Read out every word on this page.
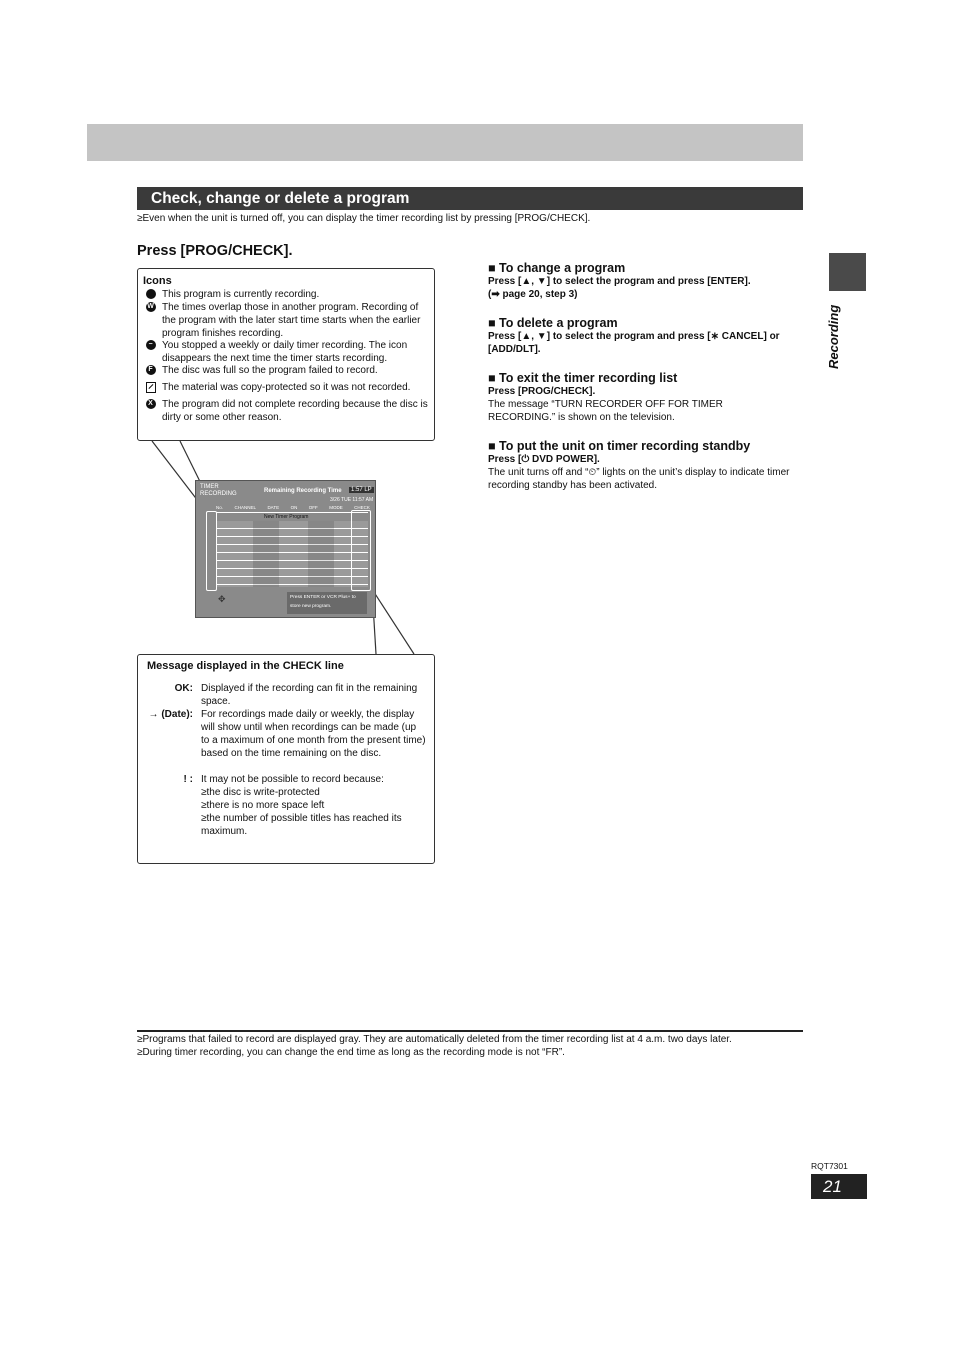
Check, change or delete a program
≥Even when the unit is turned off, you can display the timer recording list by pressing [PROG/CHECK].
Press [PROG/CHECK].
Icons
This program is currently recording.
W The times overlap those in another program. Recording of the program with the later start time starts when the earlier program finishes recording.
− You stopped a weekly or daily timer recording. The icon disappears the next time the timer starts recording.
F The disc was full so the program failed to record.
The material was copy-protected so it was not recorded.
X The program did not complete recording because the disc is dirty or some other reason.
TIMER
RECORDING	Remaining Recording Time	1:57 LP
3/26 TUE 11:57 AM
No.	CHANNEL	DATE	ON	OFF	MODE	CHECK
New Timer Program
✥	Press ENTER or VCR Plus+ to store new program.
Message displayed in the CHECK line
OK: Displayed if the recording can fit in the remaining space.
→ (Date): For recordings made daily or weekly, the display will show until when recordings can be made (up to a maximum of one month from the present time) based on the time remaining on the disc.
! : It may not be possible to record because:
≥the disc is write-protected
≥there is no more space left
≥the number of possible titles has reached its maximum.
■ To change a program
Press [▲, ▼] to select the program and press [ENTER].
(➡ page 20, step 3)
■ To delete a program
Press [▲, ▼] to select the program and press [∗ CANCEL] or
[ADD/DLT].
■ To exit the timer recording list
Press [PROG/CHECK].
The message “TURN RECORDER OFF FOR TIMER
RECORDING.” is shown on the television.
■ To put the unit on timer recording standby
Press [⏻ DVD POWER].
The unit turns off and “⏲” lights on the unit’s display to indicate timer
recording standby has been activated.
Recording
≥Programs that failed to record are displayed gray. They are automatically deleted from the timer recording list at 4 a.m. two days later.
≥During timer recording, you can change the end time as long as the recording mode is not “FR”.
RQT7301
21
